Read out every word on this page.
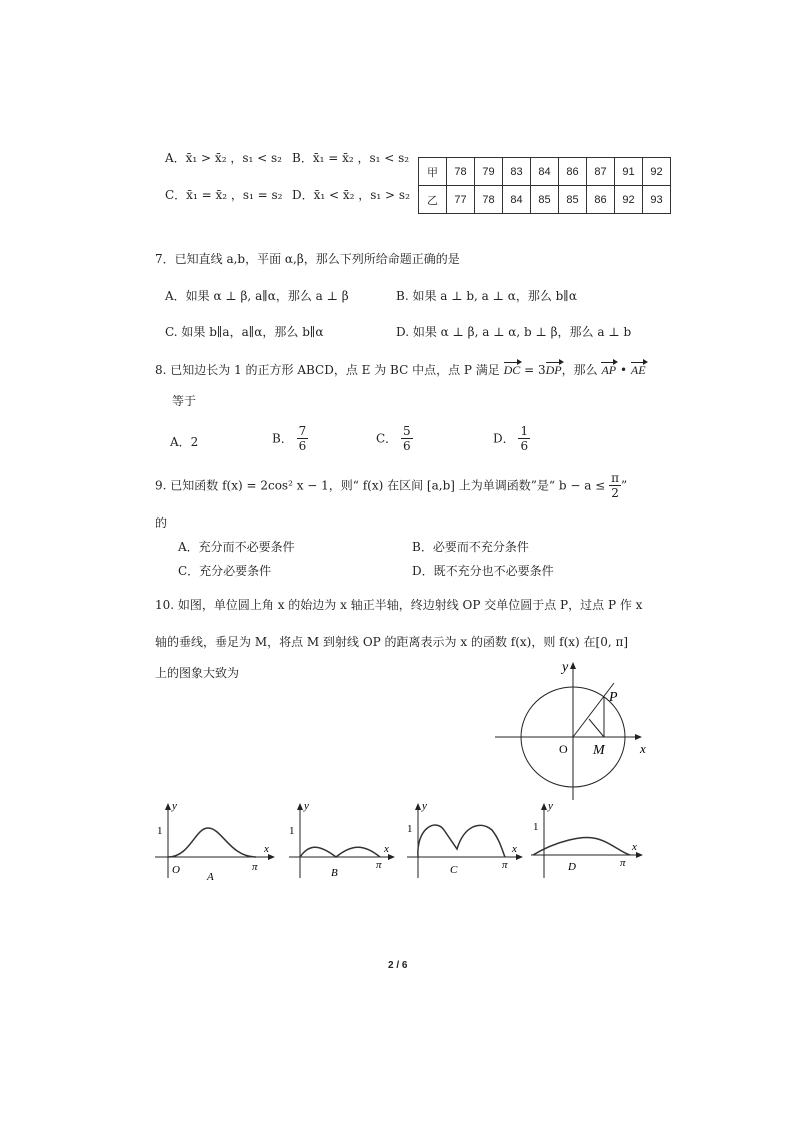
A．x̄₁ > x̄₂ ，s₁ < s₂ B．x̄₁ = x̄₂ ，s₁ < s₂
C．x̄₁ = x̄₂ ，s₁ = s₂ D．x̄₁ < x̄₂ ，s₁ > s₂
甲	78	79	83	84	86	87	91	92
乙	77	78	84	85	85	86	92	93
7．已知直线 a,b，平面 α,β，那么下列所给命题正确的是
A．如果 α ⊥ β, a∥α，那么 a ⊥ β	B. 如果 a ⊥ b, a ⊥ α，那么 b∥α
C. 如果 b∥a，a∥α，那么 b∥α	D. 如果 α ⊥ β, a ⊥ α, b ⊥ β，那么 a ⊥ b
8. 已知边长为 1 的正方形 ABCD，点 E 为 BC 中点，点 P 满足 DC = 3DP，那么 AP • AE
等于
A．2	B． $\frac{7}{6}$	C． $\frac{5}{6}$	D． $\frac{1}{6}$
9. 已知函数 f(x) = 2cos² x − 1，则“ f(x) 在区间 [a,b] 上为单调函数”是“ $b - a \le \frac{\pi}{2}$ ”
的
A．充分而不必要条件	B．必要而不充分条件
C．充分必要条件	D．既不充分也不必要条件
10. 如图，单位圆上角 x 的始边为 x 轴正半轴，终边射线 OP 交单位圆于点 P，过点 P 作 x
轴的垂线，垂足为 M，将点 M 到射线 OP 的距离表示为 x 的函数 f(x)，则 f(x) 在[0, π]
上的图象大致为	y
x
O
P
M
y
x
1
π
O
A
y
x
1
π
B
y
x
1
π
C
y
x
1
π
D
2 / 6
